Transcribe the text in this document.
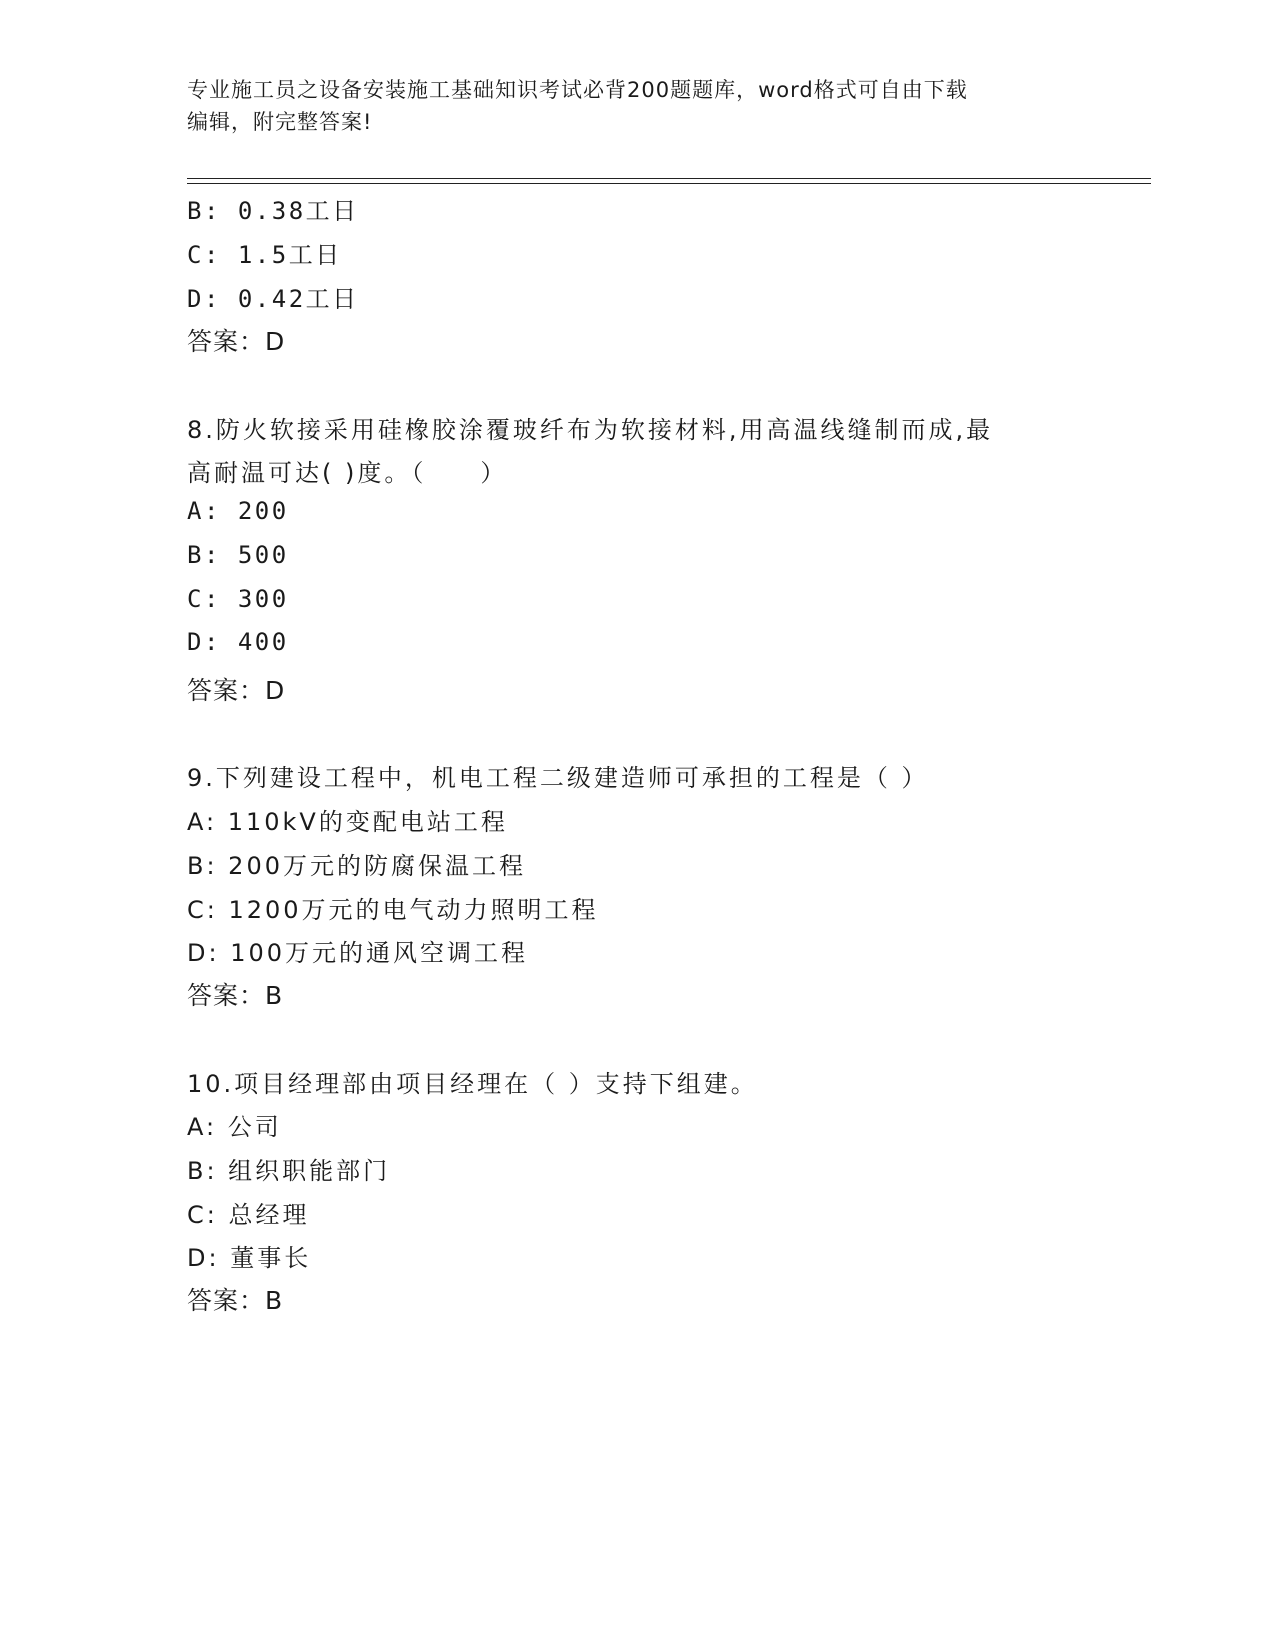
专业施工员之设备安装施工基础知识考试必背200题题库，word格式可自由下载
编辑，附完整答案!
B: 0.38工日
C: 1.5工日
D: 0.42工日
答案：D
8.防火软接采用硅橡胶涂覆玻纤布为软接材料,用高温线缝制而成,最
高耐温可达( )度。（　　）
A: 200
B: 500
C: 300
D: 400
答案：D
9.下列建设工程中，机电工程二级建造师可承担的工程是（ ）
A: 110kV的变配电站工程
B: 200万元的防腐保温工程
C: 1200万元的电气动力照明工程
D: 100万元的通风空调工程
答案：B
10.项目经理部由项目经理在（ ）支持下组建。
A: 公司
B: 组织职能部门
C: 总经理
D: 董事长
答案：B
